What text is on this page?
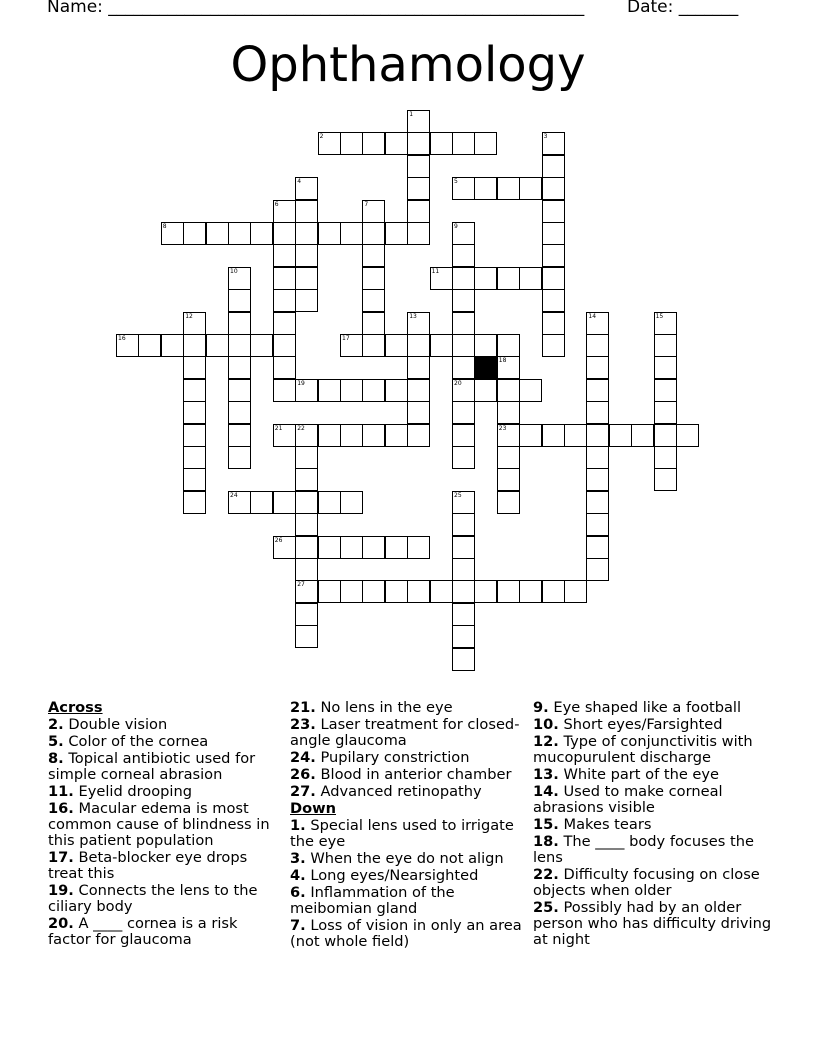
Name: ________________________________________________________	Date: _______
Ophthamology
1
2	3
4	5
6	7
8	9
20
10	11
12	13	14	15
16	17
18
23
19
21 22
27
24	25
26
Across
2. Double vision
5. Color of the cornea
8. Topical antibiotic used for simple corneal abrasion
11. Eyelid drooping
16. Macular edema is most common cause of blindness in this patient population
17. Beta-blocker eye drops treat this
19. Connects the lens to the ciliary body
20. A ____ cornea is a risk factor for glaucoma
21. No lens in the eye
23. Laser treatment for closed-angle glaucoma
24. Pupilary constriction
26. Blood in anterior chamber
27. Advanced retinopathy
Down
1. Special lens used to irrigate the eye
3. When the eye do not align
4. Long eyes/Nearsighted
6. Inflammation of the meibomian gland
7. Loss of vision in only an area (not whole field)
9. Eye shaped like a football
10. Short eyes/Farsighted
12. Type of conjunctivitis with mucopurulent discharge
13. White part of the eye
14. Used to make corneal abrasions visible
15. Makes tears
18. The ____ body focuses the lens
22. Difficulty focusing on close objects when older
25. Possibly had by an older person who has difficulty driving at night
